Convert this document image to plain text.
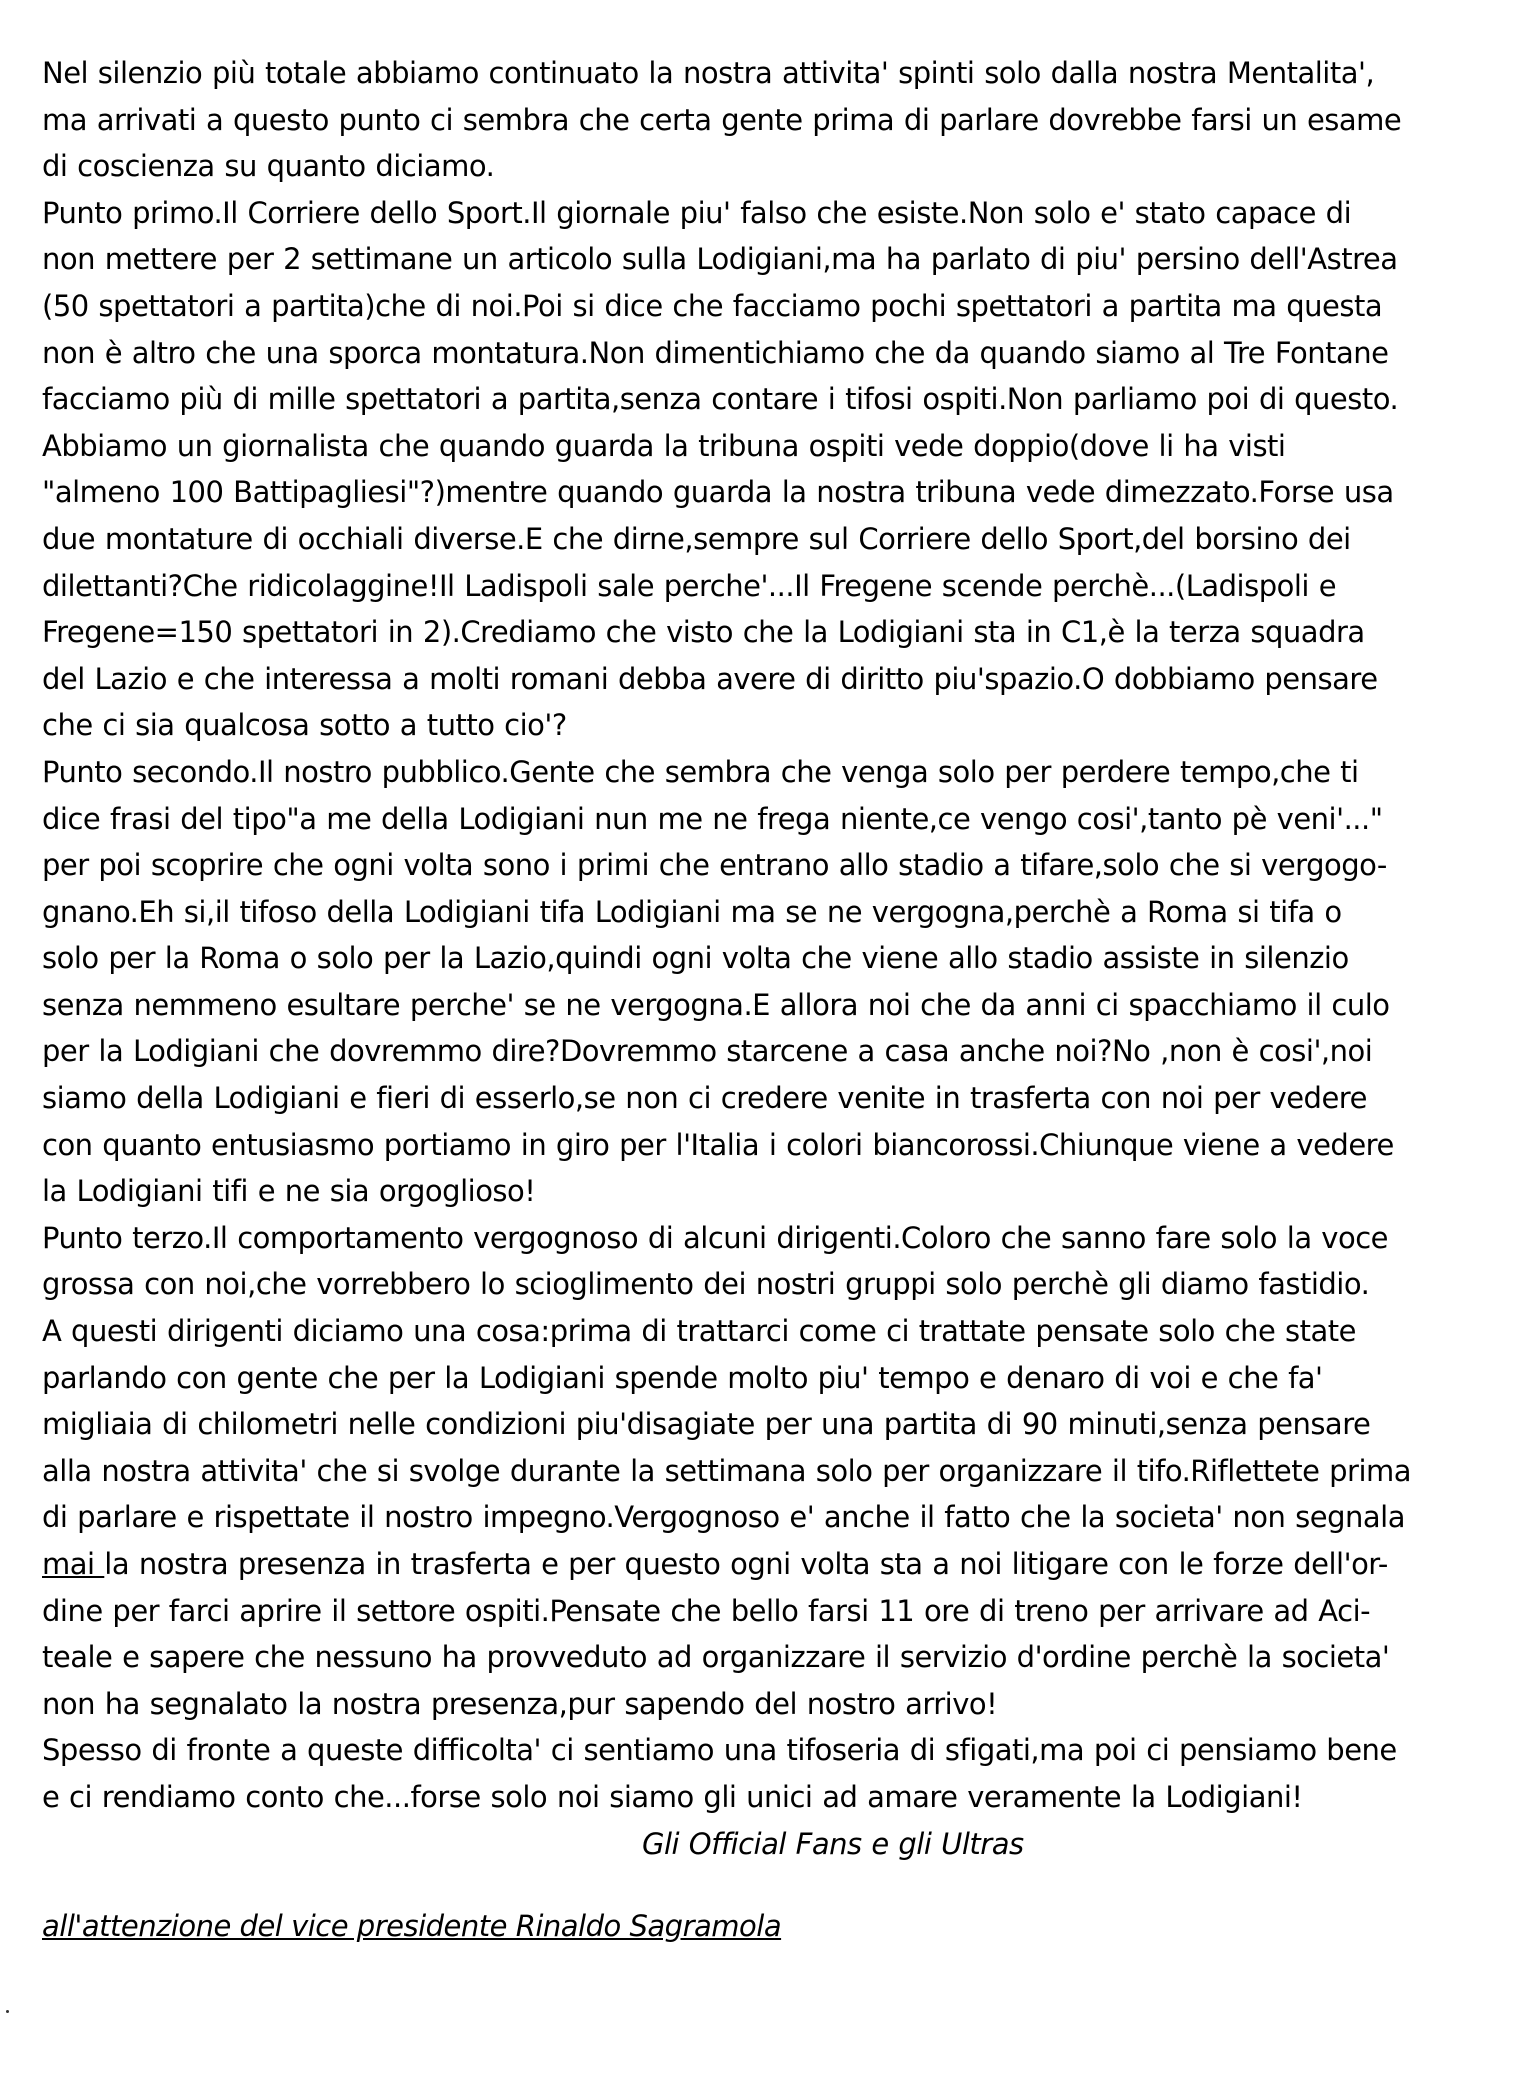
Nel silenzio più totale abbiamo continuato la nostra attivita' spinti solo dalla nostra Mentalita',
ma arrivati a questo punto ci sembra che certa gente prima di parlare dovrebbe farsi un esame
di coscienza su quanto diciamo.
Punto primo.Il Corriere dello Sport.Il giornale piu' falso che esiste.Non solo e' stato capace di
non mettere per 2 settimane un articolo sulla Lodigiani,ma ha parlato di piu' persino dell'Astrea
(50 spettatori a partita)che di noi.Poi si dice che facciamo pochi spettatori a partita ma questa
non è altro che una sporca montatura.Non dimentichiamo che da quando siamo al Tre Fontane
facciamo più di mille spettatori a partita,senza contare i tifosi ospiti.Non parliamo poi di questo.
Abbiamo un giornalista che quando guarda la tribuna ospiti vede doppio(dove li ha visti
"almeno 100 Battipagliesi"?)mentre quando guarda la nostra tribuna vede dimezzato.Forse usa
due montature di occhiali diverse.E che dirne,sempre sul Corriere dello Sport,del borsino dei
dilettanti?Che ridicolaggine!Il Ladispoli sale perche'...Il Fregene scende perchè...(Ladispoli e
Fregene=150 spettatori in 2).Crediamo che visto che la Lodigiani sta in C1,è la terza squadra
del Lazio e che interessa a molti romani debba avere di diritto piu'spazio.O dobbiamo pensare
che ci sia qualcosa sotto a tutto cio'?
Punto secondo.Il nostro pubblico.Gente che sembra che venga solo per perdere tempo,che ti
dice frasi del tipo"a me della Lodigiani nun me ne frega niente,ce vengo cosi',tanto pè veni'..."
per poi scoprire che ogni volta sono i primi che entrano allo stadio a tifare,solo che si vergogo-
gnano.Eh si,il tifoso della Lodigiani tifa Lodigiani ma se ne vergogna,perchè a Roma si tifa o
solo per la Roma o solo per la Lazio,quindi ogni volta che viene allo stadio assiste in silenzio
senza nemmeno esultare perche' se ne vergogna.E allora noi che da anni ci spacchiamo il culo
per la Lodigiani che dovremmo dire?Dovremmo starcene a casa anche noi?No ,non è cosi',noi
siamo della Lodigiani e fieri di esserlo,se non ci credere venite in trasferta con noi per vedere
con quanto entusiasmo portiamo in giro per l'Italia i colori biancorossi.Chiunque viene a vedere
la Lodigiani tifi e ne sia orgoglioso!
Punto terzo.Il comportamento vergognoso di alcuni dirigenti.Coloro che sanno fare solo la voce
grossa con noi,che vorrebbero lo scioglimento dei nostri gruppi solo perchè gli diamo fastidio.
A questi dirigenti diciamo una cosa:prima di trattarci come ci trattate pensate solo che state
parlando con gente che per la Lodigiani spende molto piu' tempo e denaro di voi e che fa'
migliaia di chilometri nelle condizioni piu'disagiate per una partita di 90 minuti,senza pensare
alla nostra attivita' che si svolge durante la settimana solo per organizzare il tifo.Riflettete prima
di parlare e rispettate il nostro impegno.Vergognoso e' anche il fatto che la societa' non segnala
mai la nostra presenza in trasferta e per questo ogni volta sta a noi litigare con le forze dell'or-
dine per farci aprire il settore ospiti.Pensate che bello farsi 11 ore di treno per arrivare ad Aci-
teale e sapere che nessuno ha provveduto ad organizzare il servizio d'ordine perchè la societa'
non ha segnalato la nostra presenza,pur sapendo del nostro arrivo!
Spesso di fronte a queste difficolta' ci sentiamo una tifoseria di sfigati,ma poi ci pensiamo bene
e ci rendiamo conto che...forse solo noi siamo gli unici ad amare veramente la Lodigiani!
Gli Official Fans e gli Ultras
all'attenzione del vice presidente Rinaldo Sagramola
